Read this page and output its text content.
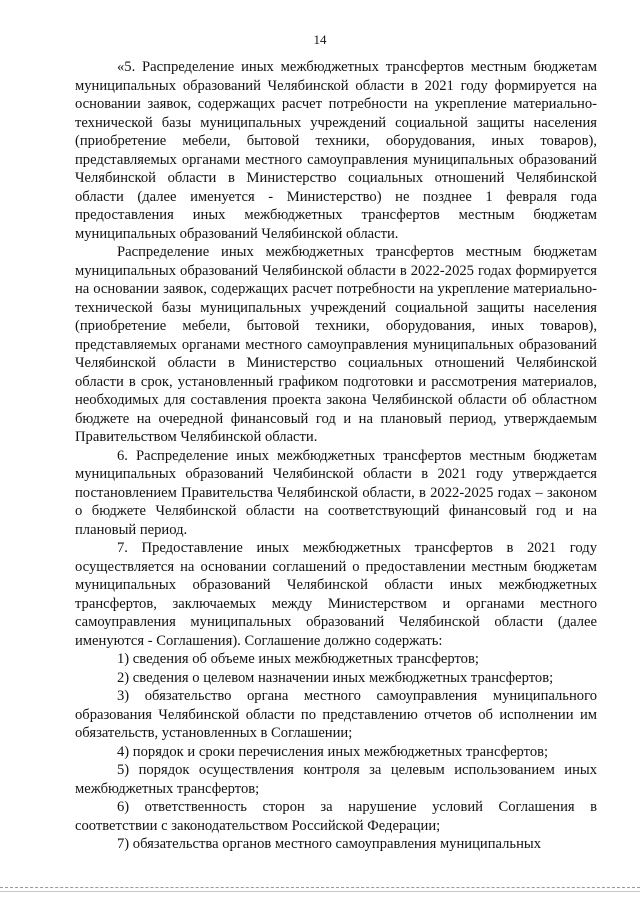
14

«5. Распределение иных межбюджетных трансфертов местным бюджетам муниципальных образований Челябинской области в 2021 году формируется на основании заявок, содержащих расчет потребности на укрепление материально-технической базы муниципальных учреждений социальной защиты населения (приобретение мебели, бытовой техники, оборудования, иных товаров), представляемых органами местного самоуправления муниципальных образований Челябинской области в Министерство социальных отношений Челябинской области (далее именуется - Министерство) не позднее 1 февраля года предоставления иных межбюджетных трансфертов местным бюджетам муниципальных образований Челябинской области.

Распределение иных межбюджетных трансфертов местным бюджетам муниципальных образований Челябинской области в 2022-2025 годах формируется на основании заявок, содержащих расчет потребности на укрепление материально-технической базы муниципальных учреждений социальной защиты населения (приобретение мебели, бытовой техники, оборудования, иных товаров), представляемых органами местного самоуправления муниципальных образований Челябинской области в Министерство социальных отношений Челябинской области в срок, установленный графиком подготовки и рассмотрения материалов, необходимых для составления проекта закона Челябинской области об областном бюджете на очередной финансовый год и на плановый период, утверждаемым Правительством Челябинской области.

6. Распределение иных межбюджетных трансфертов местным бюджетам муниципальных образований Челябинской области в 2021 году утверждается постановлением Правительства Челябинской области, в 2022-2025 годах – законом о бюджете Челябинской области на соответствующий финансовый год и на плановый период.

7. Предоставление иных межбюджетных трансфертов в 2021 году осуществляется на основании соглашений о предоставлении местным бюджетам муниципальных образований Челябинской области иных межбюджетных трансфертов, заключаемых между Министерством и органами местного самоуправления муниципальных образований Челябинской области (далее именуются - Соглашения). Соглашение должно содержать:

1) сведения об объеме иных межбюджетных трансфертов;

2) сведения о целевом назначении иных межбюджетных трансфертов;

3) обязательство органа местного самоуправления муниципального образования Челябинской области по представлению отчетов об исполнении им обязательств, установленных в Соглашении;

4) порядок и сроки перечисления иных межбюджетных трансфертов;

5) порядок осуществления контроля за целевым использованием иных межбюджетных трансфертов;

6) ответственность сторон за нарушение условий Соглашения в соответствии с законодательством Российской Федерации;

7) обязательства органов местного самоуправления муниципальных
